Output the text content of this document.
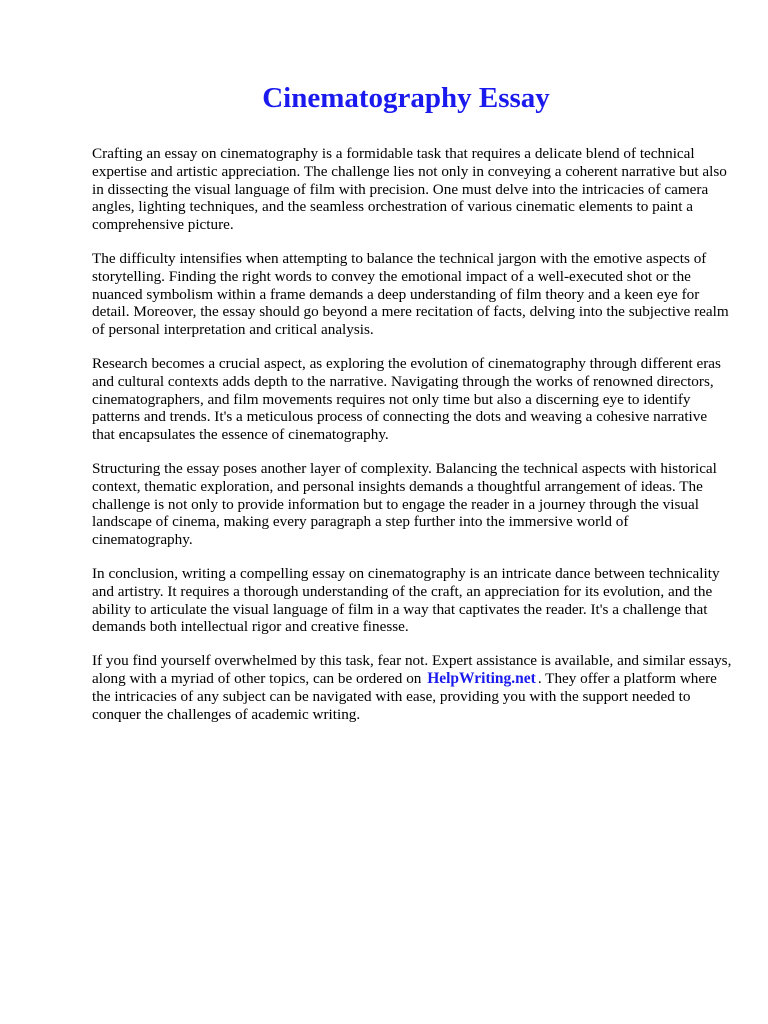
Cinematography Essay

Crafting an essay on cinematography is a formidable task that requires a delicate blend of technical expertise and artistic appreciation. The challenge lies not only in conveying a coherent narrative but also in dissecting the visual language of film with precision. One must delve into the intricacies of camera angles, lighting techniques, and the seamless orchestration of various cinematic elements to paint a comprehensive picture.

The difficulty intensifies when attempting to balance the technical jargon with the emotive aspects of storytelling. Finding the right words to convey the emotional impact of a well-executed shot or the nuanced symbolism within a frame demands a deep understanding of film theory and a keen eye for detail. Moreover, the essay should go beyond a mere recitation of facts, delving into the subjective realm of personal interpretation and critical analysis.

Research becomes a crucial aspect, as exploring the evolution of cinematography through different eras and cultural contexts adds depth to the narrative. Navigating through the works of renowned directors, cinematographers, and film movements requires not only time but also a discerning eye to identify patterns and trends. It's a meticulous process of connecting the dots and weaving a cohesive narrative that encapsulates the essence of cinematography.

Structuring the essay poses another layer of complexity. Balancing the technical aspects with historical context, thematic exploration, and personal insights demands a thoughtful arrangement of ideas. The challenge is not only to provide information but to engage the reader in a journey through the visual landscape of cinema, making every paragraph a step further into the immersive world of cinematography.

In conclusion, writing a compelling essay on cinematography is an intricate dance between technicality and artistry. It requires a thorough understanding of the craft, an appreciation for its evolution, and the ability to articulate the visual language of film in a way that captivates the reader. It's a challenge that demands both intellectual rigor and creative finesse.

If you find yourself overwhelmed by this task, fear not. Expert assistance is available, and similar essays, along with a myriad of other topics, can be ordered on HelpWriting.net . They offer a platform where the intricacies of any subject can be navigated with ease, providing you with the support needed to conquer the challenges of academic writing.
